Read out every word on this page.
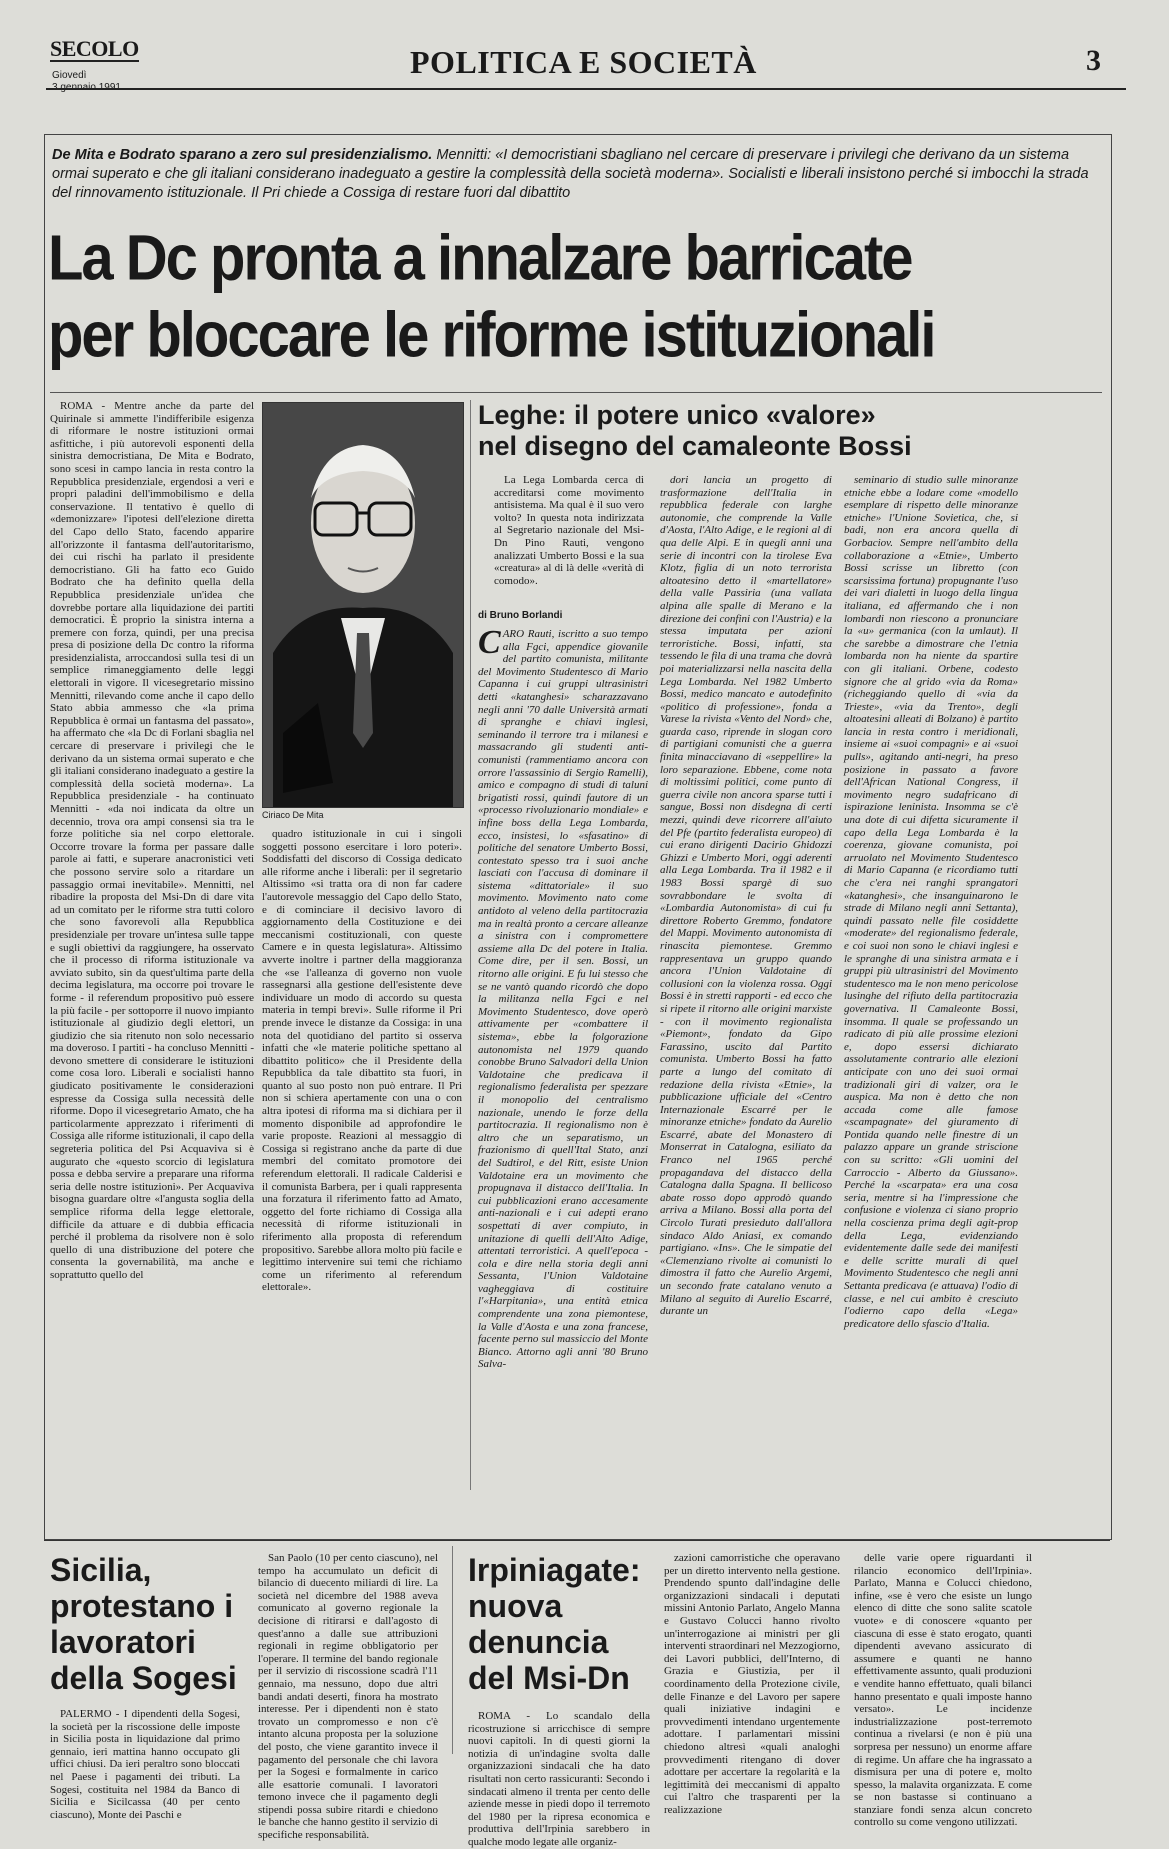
SECOLO
Giovedì	POLITICA E SOCIETÀ	3
De Mita e Bodrato sparano a zero sul presidenzialismo. Mennitti: «I democristiani sbagliano nel cercare di preservare i privilegi che derivano da un sistema ormai superato e che gli italiani considerano inadeguato a gestire la complessità della società moderna». Socialisti e liberali insistono perché si imbocchi la strada del rinnovamento istituzionale. Il Pri chiede a Cossiga di restare fuori dal dibattito
La Dc pronta a innalzare barricate
per bloccare le riforme istituzionali

ROMA - Mentre anche da parte del Quirinale si ammette l'indifferibile esigenza di riformare le nostre istituzioni ormai asfittiche, i più autorevoli esponenti della sinistra democristiana, De Mita e Bodrato, sono scesi in campo lancia in resta contro la Repubblica presidenziale, ergendosi a veri e propri paladini dell'immobilismo e della conservazione. Il tentativo è quello di «demonizzare» l'ipotesi dell'elezione diretta del Capo dello Stato, facendo apparire all'orizzonte il fantasma dell'autoritarismo, dei cui rischi ha parlato il presidente democristiano. Gli ha fatto eco Guido Bodrato che ha definito quella della Repubblica presidenziale un'idea che dovrebbe portare alla liquidazione dei partiti democratici. È proprio la sinistra interna a premere con forza, quindi, per una precisa presa di posizione della Dc contro la riforma presidenzialista, arroccandosi sulla tesi di un semplice rimaneggiamento delle leggi elettorali in vigore. Il vicesegretario missino Mennitti, rilevando come anche il capo dello Stato abbia ammesso che «la prima Repubblica è ormai un fantasma del passato», ha affermato che «la Dc di Forlani sbaglia nel cercare di preservare i privilegi che le derivano da un sistema ormai superato e che gli italiani considerano inadeguato a gestire la complessità della società moderna». La Repubblica presidenziale - ha continuato Mennitti - «da noi indicata da oltre un decennio, trova ora ampi consensi sia tra le forze politiche sia nel corpo elettorale. Occorre trovare la forma per passare dalle parole ai fatti, e superare anacronistici veti che possono servire solo a ritardare un passaggio ormai inevitabile». Mennitti, nel ribadire la proposta del Msi-Dn di dare vita ad un comitato per le riforme stra tutti coloro che sono favorevoli alla Repubblica presidenziale per trovare un'intesa sulle tappe e sugli obiettivi da raggiungere, ha osservato che il processo di riforma istituzionale va avviato subito, sin da quest'ultima parte della decima legislatura, ma occorre poi trovare le forme - il referendum propositivo può essere la più facile - per sottoporre il nuovo impianto istituzionale al giudizio degli elettori, un giudizio che sia ritenuto non solo necessario ma doveroso. I partiti - ha concluso Mennitti - devono smettere di considerare le istituzioni come cosa loro. Liberali e socialisti hanno giudicato positivamente le considerazioni espresse da Cossiga sulla necessità delle riforme. Dopo il vicesegretario Amato, che ha particolarmente apprezzato i riferimenti di Cossiga alle riforme istituzionali, il capo della segreteria politica del Psi Acquaviva si è augurato che «questo scorcio di legislatura possa e debba servire a preparare una riforma seria delle nostre istituzioni». Per Acquaviva bisogna guardare oltre «l'angusta soglia della semplice riforma della legge elettorale, difficile da attuare e di dubbia efficacia perché il problema da risolvere non è solo quello di una distribuzione del potere che consenta la governabilità, ma anche e soprattutto quello del

Ciriaco De Mita

quadro istituzionale in cui i singoli soggetti possono esercitare i loro poteri». Soddisfatti del discorso di Cossiga dedicato alle riforme anche i liberali: per il segretario Altissimo «si tratta ora di non far cadere l'autorevole messaggio del Capo dello Stato, e di cominciare il decisivo lavoro di aggiornamento della Costituzione e dei meccanismi costituzionali, con queste Camere e in questa legislatura». Altissimo avverte inoltre i partner della maggioranza che «se l'alleanza di governo non vuole rassegnarsi alla gestione dell'esistente deve individuare un modo di accordo su questa materia in tempi brevi». Sulle riforme il Pri prende invece le distanze da Cossiga: in una nota del quotidiano del partito si osserva infatti che «le materie politiche spettano al dibattito politico» che il Presidente della Repubblica da tale dibattito sta fuori, in quanto al suo posto non può entrare. Il Pri non si schiera apertamente con una o con altra ipotesi di riforma ma si dichiara per il momento disponibile ad approfondire le varie proposte. Reazioni al messaggio di Cossiga si registrano anche da parte di due membri del comitato promotore dei referendum elettorali. Il radicale Calderisi e il comunista Barbera, per i quali rappresenta una forzatura il riferimento fatto ad Amato, oggetto del forte richiamo di Cossiga alla necessità di riforme istituzionali in riferimento alla proposta di referendum propositivo. Sarebbe allora molto più facile e legittimo intervenire sui temi che richiamo come un riferimento al referendum elettorale».

Leghe: il potere unico «valore»
nel disegno del camaleonte Bossi

La Lega Lombarda cerca di accreditarsi come movimento antisistema. Ma qual è il suo vero volto? In questa nota indirizzata al Segretario nazionale del Msi-Dn Pino Rauti, vengono analizzati Umberto Bossi e la sua «creatura» al di là delle «verità di comodo».

di Bruno Borlandi
C ARO Rauti, iscritto a suo tempo alla Fgci, appendice giovanile del partito comunista, militante del Movimento Studentesco di Mario Capanna i cui gruppi ultrasinistri detti «katanghesi» scharazzavano negli anni '70 dalle Università armati di spranghe e chiavi inglesi, seminando il terrore tra i milanesi e massacrando gli studenti anti-comunisti (rammentiamo ancora con orrore l'assassinio di Sergio Ramelli), amico e compagno di studi di taluni brigatisti rossi, quindi fautore di un «processo rivoluzionario mondiale» e infine boss della Lega Lombarda, ecco, insistesi, lo «sfasatino» di politiche del senatore Umberto Bossi, contestato spesso tra i suoi anche lasciati con l'accusa di dominare il sistema «dittatoriale» il suo movimento. Movimento nato come antidoto al veleno della partitocrazia ma in realtà pronto a cercare alleanze a sinistra con i compromettere assieme alla Dc del potere in Italia. Come dire, per il sen. Bossi, un ritorno alle origini. E fu lui stesso che se ne vantò quando ricordò che dopo la militanza nella Fgci e nel Movimento Studentesco, dove operò attivamente per «combattere il sistema», ebbe la folgorazione autonomista nel 1979 quando conobbe Bruno Salvadori della Union Valdotaine che predicava il regionalismo federalista per spezzare il monopolio del centralismo nazionale, unendo le forze della partitocrazia. Il regionalismo non è altro che un separatismo, un frazionismo di quell'Ital Stato, anzi del Sudtirol, e del Ritt, esiste Union Valdotaine era un movimento che propugnava il distacco dell'Italia. In cui pubblicazioni erano accesamente anti-nazionali e i cui adepti erano sospettati di aver compiuto, in unitazione di quelli dell'Alto Adige, attentati terroristici. A quell'epoca - cola e dire nella storia degli anni Sessanta, l'Union Valdotaine vagheggiava di costituire l'«Harpitania», una entità etnica comprendente una zona piemontese, la Valle d'Aosta e una zona francese, facente perno sul massiccio del Monte Bianco. Attorno agli anni '80 Bruno Salva-

dori lancia un progetto di trasformazione dell'Italia in repubblica federale con larghe autonomie, che comprende la Valle d'Aosta, l'Alto Adige, e le regioni al di qua delle Alpi. E in quegli anni una serie di incontri con la tirolese Eva Klotz, figlia di un noto terrorista altoatesino detto il «martellatore» della valle Passiria (una vallata alpina alle spalle di Merano e la direzione dei confini con l'Austria) e la stessa imputata per azioni terroristiche. Bossi, infatti, sta tessendo le fila di una trama che dovrà poi materializzarsi nella nascita della Lega Lombarda. Nel 1982 Umberto Bossi, medico mancato e autodefinito «politico di professione», fonda a Varese la rivista «Vento del Nord» che, guarda caso, riprende in slogan coro di partigiani comunisti che a guerra finita minacciavano di «seppellire» la loro separazione. Ebbene, come nota di moltissimi politici, come punto di guerra civile non ancora sparse tutti i sangue, Bossi non disdegna di certi mezzi, quindi deve ricorrere all'aiuto del Pfe (partito federalista europeo) di cui erano dirigenti Dacirio Ghidozzi Ghizzi e Umberto Mori, oggi aderenti alla Lega Lombarda. Tra il 1982 e il 1983 Bossi spargè di suo sovrabbondare le svolta di «Lombardia Autonomista» di cui fu direttore Roberto Gremmo, fondatore del Mappi. Movimento autonomista di rinascita piemontese. Gremmo rappresentava un gruppo quando ancora l'Union Valdotaine di collusioni con la violenza rossa. Oggi Bossi è in stretti rapporti - ed ecco che si ripete il ritorno alle origini marxiste - con il movimento regionalista «Piemont», fondato da Gipo Farassino, uscito dal Partito comunista. Umberto Bossi ha fatto parte a lungo del comitato di redazione della rivista «Etnie», la pubblicazione ufficiale del «Centro Internazionale Escarré per le minoranze etniche» fondato da Aurelio Escarré, abate del Monastero di Monserrat in Catalogna, esiliato da Franco nel 1965 perché propagandava del distacco della Catalogna dalla Spagna. Il bellicoso abate rosso dopo approdò quando arriva a Milano. Bossi alla porta del Circolo Turati presieduto dall'allora sindaco Aldo Aniasi, ex comando partigiano. «Ins». Che le simpatie del «Clemenziano rivolte ai comunisti lo dimostra il fatto che Aurelio Argemi, un secondo frate catalano venuto a Milano al seguito di Aurelio Escarré, durante un

seminario di studio sulle minoranze etniche ebbe a lodare come «modello esemplare di rispetto delle minoranze etniche» l'Unione Sovietica, che, si badi, non era ancora quella di Gorbaciov. Sempre nell'ambito della collaborazione a «Etnie», Umberto Bossi scrisse un libretto (con scarsissima fortuna) propugnante l'uso dei vari dialetti in luogo della lingua italiana, ed affermando che i non lombardi non riescono a pronunciare la «u» germanica (con la umlaut). Il che sarebbe a dimostrare che l'etnia lombarda non ha niente da spartire con gli italiani. Orbene, codesto signore che al grido «via da Roma» (richeggiando quello di «via da Trieste», «via da Trento», degli altoatesini alleati di Bolzano) è partito lancia in resta contro i meridionali, insieme ai «suoi compagni» e ai «suoi pulls», agitando anti-negri, ha preso posizione in passato a favore dell'African National Congress, il movimento negro sudafricano di ispirazione leninista. Insomma se c'è una dote di cui difetta sicuramente il capo della Lega Lombarda è la coerenza, giovane comunista, poi arruolato nel Movimento Studentesco di Mario Capanna (e ricordiamo tutti che c'era nei ranghi sprangatori «katanghesi», che insanguinarono le strade di Milano negli anni Settanta), quindi passato nelle file cosiddette «moderate» del regionalismo federale, e coi suoi non sono le chiavi inglesi e le spranghe di una sinistra armata e i gruppi più ultrasinistri del Movimento studentesco ma le non meno pericolose lusinghe del rifiuto della partitocrazia governativa. Il Camaleonte Bossi, insomma. Il quale se professando un radicato di più alle prossime elezioni e, dopo essersi dichiarato assolutamente contrario alle elezioni anticipate con uno dei suoi ormai tradizionali giri di valzer, ora le auspica. Ma non è detto che non accada come alle famose «scampagnate» del giuramento di Pontida quando nelle finestre di un palazzo appare un grande striscione con su scritto: «Gli uomini del Carroccio - Alberto da Giussano». Perché la «scarpata» era una cosa seria, mentre si ha l'impressione che confusione e violenza ci siano proprio nella coscienza prima degli agit-prop della Lega, evidenziando evidentemente dalle sede dei manifesti e delle scritte murali di quel Movimento Studentesco che negli anni Settanta predicava (e attuava) l'odio di classe, e nel cui ambito è cresciuto l'odierno capo della «Lega» predicatore dello sfascio d'Italia.

Sicilia, protestano i lavoratori della Sogesi

PALERMO - I dipendenti della Sogesi, la società per la riscossione delle imposte in Sicilia posta in liquidazione dal primo gennaio, ieri mattina hanno occupato gli uffici chiusi. Da ieri peraltro sono bloccati nel Paese i pagamenti dei tributi. La Sogesi, costituita nel 1984 da Banco di Sicilia e Sicilcassa (40 per cento ciascuno), Monte dei Paschi e

San Paolo (10 per cento ciascuno), nel tempo ha accumulato un deficit di bilancio di duecento miliardi di lire. La società nel dicembre del 1988 aveva comunicato al governo regionale la decisione di ritirarsi e dall'agosto di quest'anno a dalle sue attribuzioni regionali in regime obbligatorio per l'operare. Il termine del bando regionale per il servizio di riscossione scadrà l'11 gennaio, ma nessuno, dopo due altri bandi andati deserti, finora ha mostrato interesse. Per i dipendenti non è stato trovato un compromesso e non c'è intanto alcuna proposta per la soluzione del posto, che viene garantito invece il pagamento del personale che chi lavora per la Sogesi e formalmente in carico alle esattorie comunali. I lavoratori temono invece che il pagamento degli stipendi possa subire ritardi e chiedono le banche che hanno gestito il servizio di specifiche responsabilità.

Irpiniagate: nuova denuncia del Msi-Dn

ROMA - Lo scandalo della ricostruzione si arricchisce di sempre nuovi capitoli. In di questi giorni la notizia di un'indagine svolta dalle organizzazioni sindacali che ha dato risultati non certo rassicuranti: Secondo i sindacati almeno il trenta per cento delle aziende messe in piedi dopo il terremoto del 1980 per la ripresa economica e produttiva dell'Irpinia sarebbero in qualche modo legate alle organiz-

zazioni camorristiche che operavano per un diretto intervento nella gestione. Prendendo spunto dall'indagine delle organizzazioni sindacali i deputati missini Antonio Parlato, Angelo Manna e Gustavo Colucci hanno rivolto un'interrogazione ai ministri per gli interventi straordinari nel Mezzogiorno, dei Lavori pubblici, dell'Interno, di Grazia e Giustizia, per il coordinamento della Protezione civile, delle Finanze e del Lavoro per sapere quali iniziative indagini e provvedimenti intendano urgentemente adottare. I parlamentari missini chiedono altresì «quali analoghi provvedimenti ritengano di dover adottare per accertare la regolarità e la legittimità dei meccanismi di appalto cui l'altro che trasparenti per la realizzazione

delle varie opere riguardanti il rilancio economico dell'Irpinia». Parlato, Manna e Colucci chiedono, infine, «se è vero che esiste un lungo elenco di ditte che sono salite scatole vuote» e di conoscere «quanto per ciascuna di esse è stato erogato, quanti dipendenti avevano assicurato di assumere e quanti ne hanno effettivamente assunto, quali produzioni e vendite hanno effettuato, quali bilanci hanno presentato e quali imposte hanno versato». Le incidenze industrializzazione post-terremoto continua a rivelarsi (e non è più una sorpresa per nessuno) un enorme affare di regime. Un affare che ha ingrassato a dismisura per una di potere e, molto spesso, la malavita organizzata. E come se non bastasse si continuano a stanziare fondi senza alcun concreto controllo su come vengono utilizzati.
